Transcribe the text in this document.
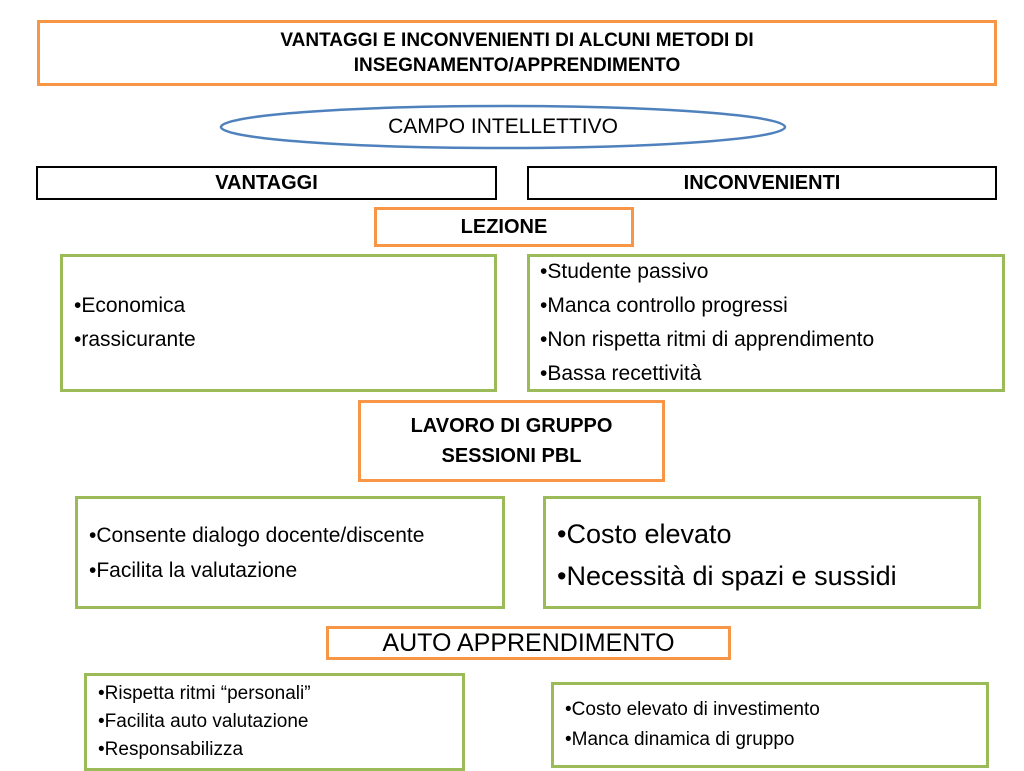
VANTAGGI E INCONVENIENTI DI ALCUNI METODI DI
INSEGNAMENTO/APPRENDIMENTO
CAMPO INTELLETTIVO
VANTAGGI	INCONVENIENTI
LEZIONE
•Economica
•rassicurante
•Studente passivo
•Manca controllo progressi
•Non rispetta ritmi di apprendimento
•Bassa recettività
LAVORO DI GRUPPO
SESSIONI PBL
•Consente dialogo docente/discente
•Facilita la valutazione
•Costo elevato
•Necessità di spazi e sussidi
AUTO APPRENDIMENTO
•Rispetta ritmi “personali”
•Facilita auto valutazione
•Responsabilizza
•Costo elevato di investimento
•Manca dinamica di gruppo
